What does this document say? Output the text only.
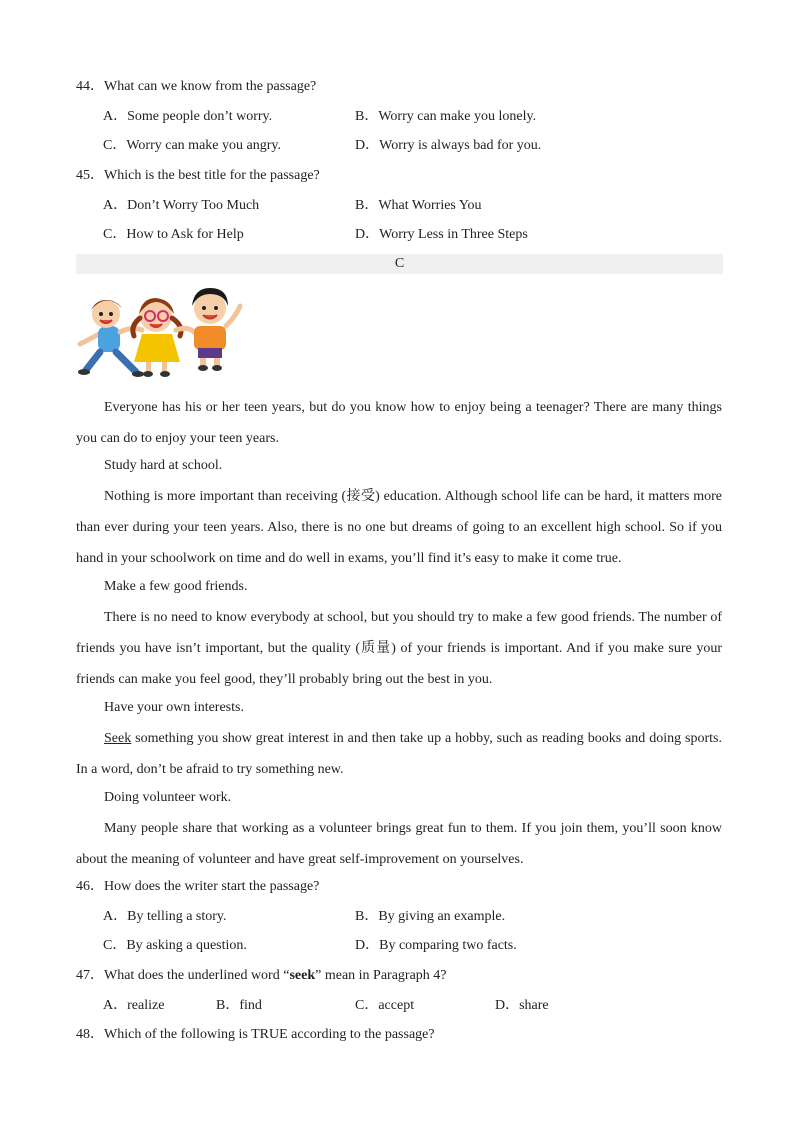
44．What can we know from the passage?
A．Some people don’t worry.	B．Worry can make you lonely.
C．Worry can make you angry.	D．Worry is always bad for you.
45．Which is the best title for the passage?
A．Don’t Worry Too Much	B．What Worries You
C．How to Ask for Help	D．Worry Less in Three Steps
C
Everyone has his or her teen years, but do you know how to enjoy being a teenager? There are many things you can do to enjoy your teen years.
Study hard at school.
Nothing is more important than receiving (接受) education. Although school life can be hard, it matters more than ever during your teen years. Also, there is no one but dreams of going to an excellent high school. So if you hand in your schoolwork on time and do well in exams, you’ll find it’s easy to make it come true.
Make a few good friends.
There is no need to know everybody at school, but you should try to make a few good friends. The number of friends you have isn’t important, but the quality (质量) of your friends is important. And if you make sure your friends can make you feel good, they’ll probably bring out the best in you.
Have your own interests.
Seek something you show great interest in and then take up a hobby, such as reading books and doing sports. In a word, don’t be afraid to try something new.
Doing volunteer work.
Many people share that working as a volunteer brings great fun to them. If you join them, you’ll soon know about the meaning of volunteer and have great self-improvement on yourselves.
46．How does the writer start the passage?
A．By telling a story.	B．By giving an example.
C．By asking a question.	D．By comparing two facts.
47．What does the underlined word “seek” mean in Paragraph 4?
A．realize	B．find	C．accept	D．share
48．Which of the following is TRUE according to the passage?
